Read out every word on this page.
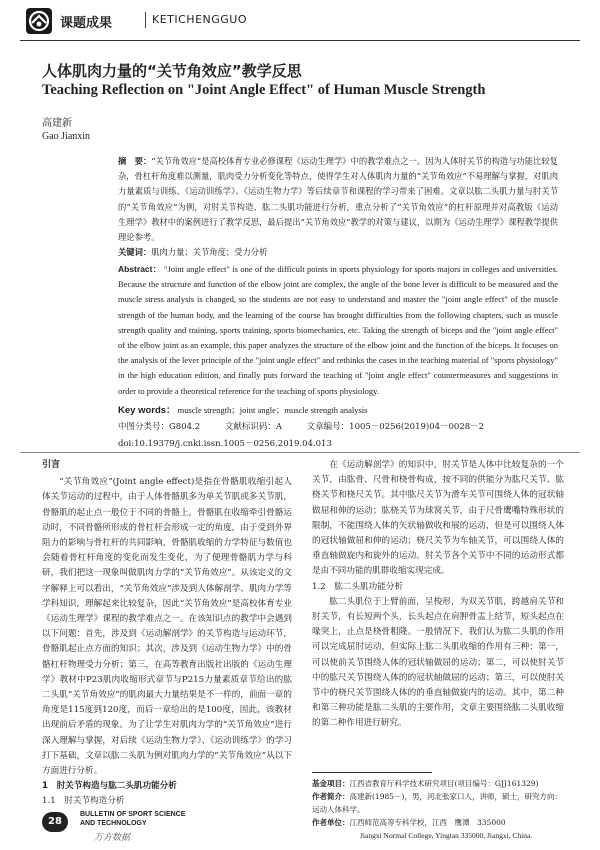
课题成果	KETICHENGGUO
人体肌肉力量的“关节角效应”教学反思
Teaching Reflection on "Joint Angle Effect" of Human Muscle Strength
高建新
Gao Jianxin
摘　要：“关节角效应”是高校体育专业必修课程《运动生理学》中的教学难点之一。因为人体肘关节的构造与功能比较复杂，骨杠杆角度难以测量，肌肉受力分析变化等特点，使得学生对人体肌肉力量的“关节角效应”不易理解与掌握，对肌肉力量素质与训练、《运动训练学》、《运动生物力学》等后续章节和课程的学习带来了困难。文章以肱二头肌力量与肘关节的“关节角效应”为例，对肘关节构造、肱二头肌功能进行分析，重点分析了“关节角效应”的杠杆原理并对高教版《运动生理学》教材中的案例进行了教学反思，最后提出“关节角效应”教学的对策与建议，以期为《运动生理学》课程教学提供理论参考。
关键词：肌肉力量；关节角度；受力分析
Abstract： "Joint angle effect" is one of the difficult points in sports physiology for sports majors in colleges and universities. Because the structure and function of the elbow joint are complex, the angle of the bone lever is difficult to be measured and the muscle stress analysis is changed, so the students are not easy to understand and master the "joint angle effect" of the muscle strength of the human body, and the learning of the course has brought difficulties from the following chapters, such as muscle strength quality and training, sports training, sports biomechanics, etc. Taking the strength of biceps and the "joint angle effect" of the elbow joint as an example, this paper analyzes the structure of the elbow joint and the function of the biceps. It focuses on the analysis of the lever principle of the "joint angle effect" and rethinks the cases in the teaching material of "sports physiology" in the high education edition, and finally puts forward the teaching of "joint angle effect" countermeasures and suggestions in order to provide a theoretical reference for the teaching of sports physiology.
Key words： muscle strength；joint angle；muscle strength analysis
中图分类号：G804.2	文献标识码：A	文章编号：1005－0256(2019)04－0028－2
doi:10.19379/j.cnki.issn.1005－0256.2019.04.013
引言
“关节角效应”(Joint angle effect)是指在骨骼肌收缩引起人体关节运动的过程中，由于人体骨骼肌多为单关节肌或多关节肌，骨骼肌的起止点一般位于不同的骨骼上，骨骼肌在收缩牵引骨骼运动时，不同骨骼所形成的骨杠杆会形成一定的角度，由于受到外界阻力的影响与骨杠杆的共同影响，骨骼肌收缩的力学特征与数值也会随着骨杠杆角度的变化而发生变化，为了便理骨骼肌力学与科研，我们把这一现象叫做肌肉力学的“关节角效应”。从该定义的文字解释上可以看出，“关节角效应”涉及到人体解剖学、肌肉力学等学科知识，理解起来比较复杂，因此“关节角效应”是高校体育专业《运动生理学》课程的教学难点之一。在该知识点的教学中会遇到以下问题：首先，涉及到《运动解剖学》的关节构造与运动环节，骨骼肌起止点方面的知识；其次，涉及到《运动生物力学》中的骨骼杠杆物理受力分析；第三，在高等教育出版社出版的《运动生理学》教材中P23肌肉收缩形式章节与P215力量素质章节给出的肱二头肌“关节角效应”的肌肉最大力量结果是不一样的，前面一章的角度是115度到120度，而后一章给出的是100度，因此，该教材出现前后矛盾的现象。为了让学生对肌肉力学的“关节角效应”进行深入理解与掌握，对后续《运动生物力学》、《运动训练学》的学习打下基础，文章以肱二头肌为例对肌肉力学的“关节角效应”从以下方面进行分析。
1　肘关节构造与肱二头肌功能分析
1.1　肘关节构造分析
在《运动解剖学》的知识中，肘关节是人体中比较复杂的一个关节，由肱骨、尺骨和桡骨构成，按不同的供能分为肱尺关节、肱桡关节和桡尺关节。其中肱尺关节为滑车关节可围绕人体的冠状轴做屈和伸的运动；肱桡关节为球窝关节，由于尺骨鹰嘴特殊形状的限制，不能围绕人体的矢状轴做收和展的运动，但是可以围绕人体的冠状轴做屈和伸的运动；桡尺关节为车轴关节，可以围绕人体的垂直轴做旋内和旋外的运动。肘关节各个关节中不同的运动形式都是由不同功能的肌群收缩实现完成。
1.2　肱二头肌功能分析
肱二头肌位于上臂前面，呈梭形，为双关节肌，跨越肩关节和肘关节，有长短两个头，长头起点在肩胛骨盂上结节，短头起点在喙突上，止点是桡骨粗隆。一般情况下，我们认为肱二头肌的作用可以完成屈肘运动，但实际上肱二头肌收缩的作用有三种：第一，可以使前关节围绕人体的冠状轴做屈的运动；第二，可以使肘关节中的肱尺关节围绕人体的的冠状轴做屈的运动；第三，可以使肘关节中的桡尺关节围绕人体的的垂直轴做旋内的运动。其中，第二种和第三种功能是肱二头肌的主要作用，文章主要围绕肱二头肌收缩的第二种作用进行研究。
基金项目：江西省教育厅科学技术研究项目(项目编号：GJJ161329)
作者简介：高建新(1985－)，男，河北张家口人，讲师，硕士，研究方向：运动人体科学。
作者单位：江西师范高等专科学校，江西　鹰潭　335000
Jiangxi Normal College, Yingtan 335000, Jiangxi, China.
28
BULLETIN OF SPORT SCIENCE
AND TECHNOLOGY
万方数据
